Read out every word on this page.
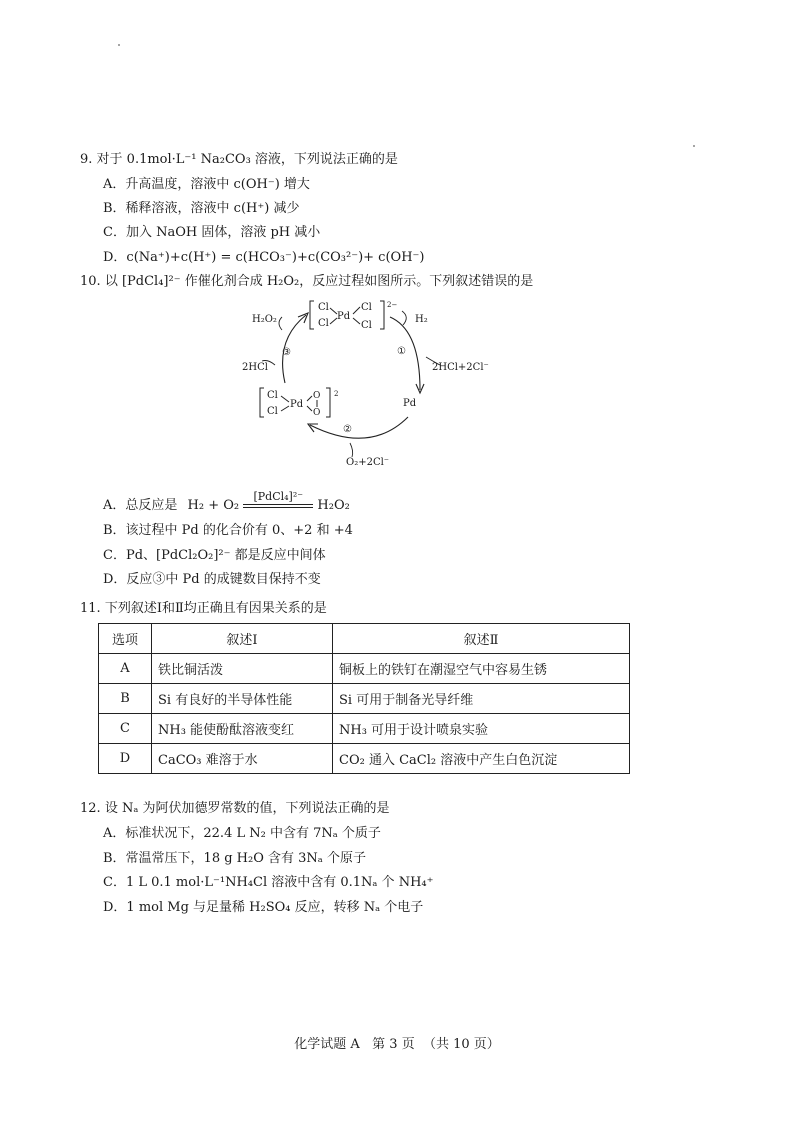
9. 对于 0.1mol·L⁻¹ Na₂CO₃ 溶液，下列说法正确的是
A．升高温度，溶液中 c(OH⁻) 增大
B．稀释溶液，溶液中 c(H⁺) 减少
C．加入 NaOH 固体，溶液 pH 减小
D．c(Na⁺)+c(H⁺) = c(HCO₃⁻)+c(CO₃²⁻)+ c(OH⁻)
10. 以 [PdCl₄]²⁻ 作催化剂合成 H₂O₂，反应过程如图所示。下列叙述错误的是
Cl
Cl
Pd
Cl
Cl
2−
Cl
Cl
Pd
O
O
2
H₂O₂	H₂
③	①
②
2HCl	2HCl+2Cl⁻
Pd
O₂+2Cl⁻
A．总反应是 H₂ + O₂
[PdCl₄]²⁻
H₂O₂
B．该过程中 Pd 的化合价有 0、+2 和 +4
C．Pd、[PdCl₂O₂]²⁻ 都是反应中间体
D．反应③中 Pd 的成键数目保持不变
11. 下列叙述Ⅰ和Ⅱ均正确且有因果关系的是
选项	叙述Ⅰ	叙述Ⅱ
A	铁比铜活泼	铜板上的铁钉在潮湿空气中容易生锈
B	Si 有良好的半导体性能	Si 可用于制备光导纤维
C	NH₃ 能使酚酞溶液变红	NH₃ 可用于设计喷泉实验
D	CaCO₃ 难溶于水	CO₂ 通入 CaCl₂ 溶液中产生白色沉淀
12. 设 Nₐ 为阿伏加德罗常数的值，下列说法正确的是
A．标准状况下，22.4 L N₂ 中含有 7Nₐ 个质子
B．常温常压下，18 g H₂O 含有 3Nₐ 个原子
C．1 L 0.1 mol·L⁻¹NH₄Cl 溶液中含有 0.1Nₐ 个 NH₄⁺
D．1 mol Mg 与足量稀 H₂SO₄ 反应，转移 Nₐ 个电子
化学试题 A   第 3 页  （共 10 页）
